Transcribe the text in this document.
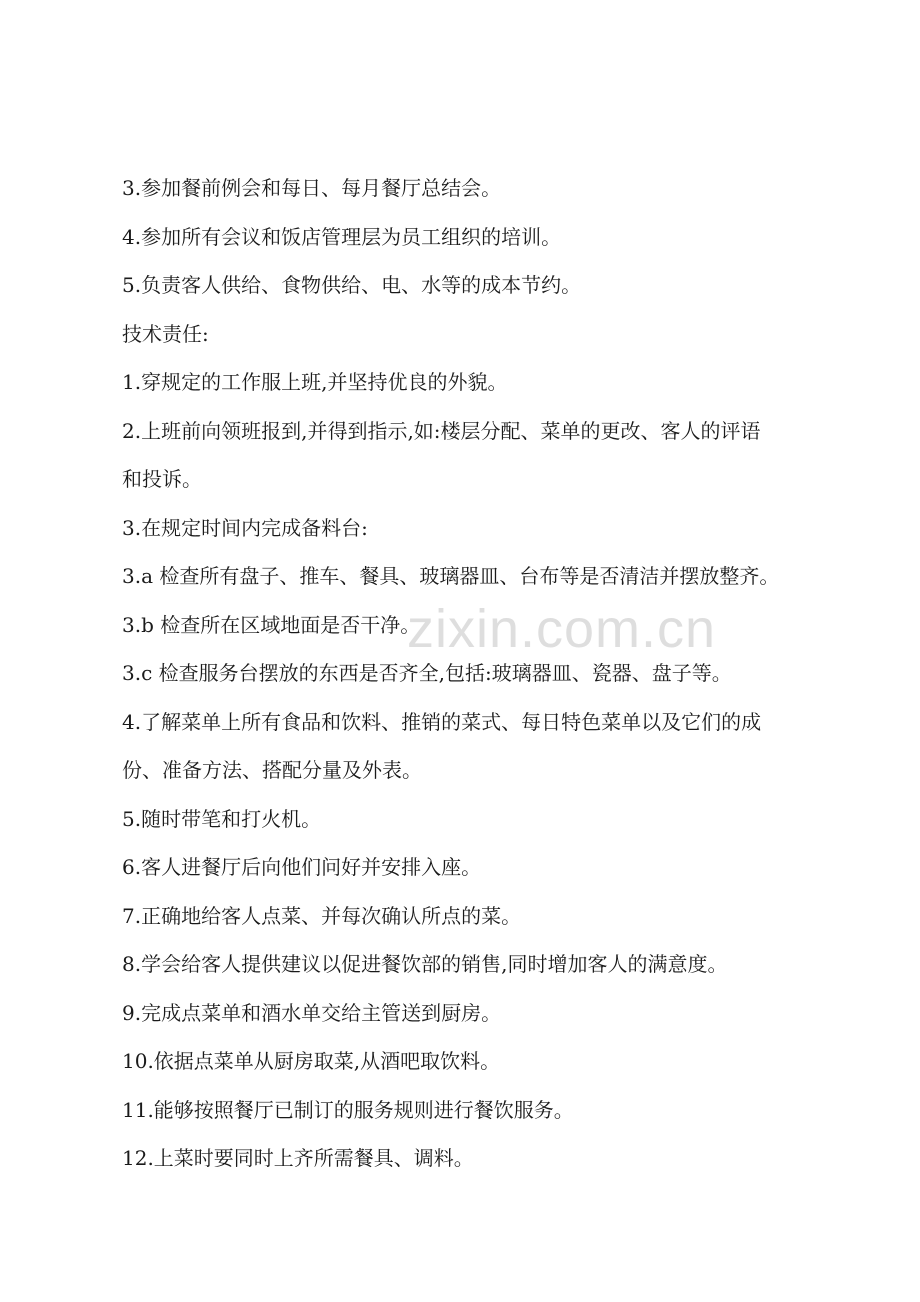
3.参加餐前例会和每日、每月餐厅总结会。
4.参加所有会议和饭店管理层为员工组织的培训。
5.负责客人供给、食物供给、电、水等的成本节约。
技术责任:
1.穿规定的工作服上班,并坚持优良的外貌。
2.上班前向领班报到,并得到指示,如:楼层分配、菜单的更改、客人的评语
和投诉。
3.在规定时间内完成备料台:
3.a 检查所有盘子、推车、餐具、玻璃器皿、台布等是否清洁并摆放整齐。
3.b 检查所在区域地面是否干净。
3.c 检查服务台摆放的东西是否齐全,包括:玻璃器皿、瓷器、盘子等。
4.了解菜单上所有食品和饮料、推销的菜式、每日特色菜单以及它们的成
份、准备方法、搭配分量及外表。
5.随时带笔和打火机。
6.客人进餐厅后向他们问好并安排入座。
7.正确地给客人点菜、并每次确认所点的菜。
8.学会给客人提供建议以促进餐饮部的销售,同时增加客人的满意度。
9.完成点菜单和酒水单交给主管送到厨房。
10.依据点菜单从厨房取菜,从酒吧取饮料。
11.能够按照餐厅已制订的服务规则进行餐饮服务。
12.上菜时要同时上齐所需餐具、调料。
zixin.com.cn
